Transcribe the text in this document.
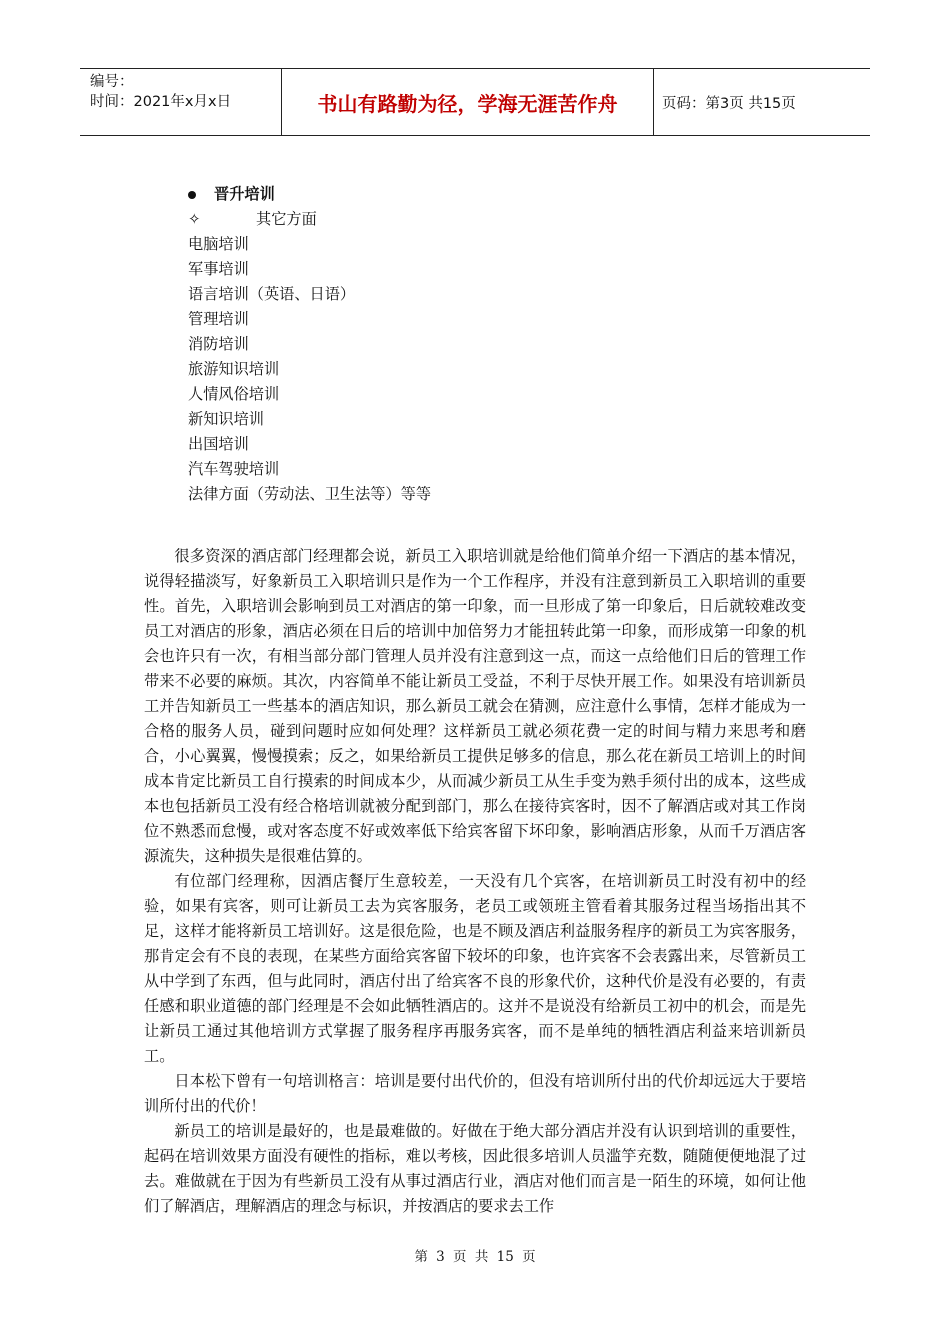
编号：
时间：2021年x月x日	书山有路勤为径，学海无涯苦作舟	页码：第3页 共15页
晋升培训
✧	其它方面
电脑培训
军事培训
语言培训（英语、日语）
管理培训
消防培训
旅游知识培训
人情风俗培训
新知识培训
出国培训
汽车驾驶培训
法律方面（劳动法、卫生法等）等等

很多资深的酒店部门经理都会说，新员工入职培训就是给他们简单介绍一下酒店的基本情况，说得轻描淡写，好象新员工入职培训只是作为一个工作程序，并没有注意到新员工入职培训的重要性。首先，入职培训会影响到员工对酒店的第一印象，而一旦形成了第一印象后，日后就较难改变员工对酒店的形象，酒店必须在日后的培训中加倍努力才能扭转此第一印象，而形成第一印象的机会也许只有一次，有相当部分部门管理人员并没有注意到这一点，而这一点给他们日后的管理工作带来不必要的麻烦。其次，内容简单不能让新员工受益，不利于尽快开展工作。如果没有培训新员工并告知新员工一些基本的酒店知识，那么新员工就会在猜测，应注意什么事情，怎样才能成为一合格的服务人员，碰到问题时应如何处理？这样新员工就必须花费一定的时间与精力来思考和磨合，小心翼翼，慢慢摸索；反之，如果给新员工提供足够多的信息，那么花在新员工培训上的时间成本肯定比新员工自行摸索的时间成本少，从而减少新员工从生手变为熟手须付出的成本，这些成本也包括新员工没有经合格培训就被分配到部门，那么在接待宾客时，因不了解酒店或对其工作岗位不熟悉而怠慢，或对客态度不好或效率低下给宾客留下坏印象，影响酒店形象，从而千万酒店客源流失，这种损失是很难估算的。

有位部门经理称，因酒店餐厅生意较差，一天没有几个宾客，在培训新员工时没有初中的经验，如果有宾客，则可让新员工去为宾客服务，老员工或领班主管看着其服务过程当场指出其不足，这样才能将新员工培训好。这是很危险，也是不顾及酒店利益服务程序的新员工为宾客服务，那肯定会有不良的表现，在某些方面给宾客留下较坏的印象，也许宾客不会表露出来，尽管新员工从中学到了东西，但与此同时，酒店付出了给宾客不良的形象代价，这种代价是没有必要的，有责任感和职业道德的部门经理是不会如此牺牲酒店的。这并不是说没有给新员工初中的机会，而是先让新员工通过其他培训方式掌握了服务程序再服务宾客，而不是单纯的牺牲酒店利益来培训新员工。

日本松下曾有一句培训格言：培训是要付出代价的，但没有培训所付出的代价却远远大于要培训所付出的代价！

新员工的培训是最好的，也是最难做的。好做在于绝大部分酒店并没有认识到培训的重要性，起码在培训效果方面没有硬性的指标，难以考核，因此很多培训人员滥竽充数，随随便便地混了过去。难做就在于因为有些新员工没有从事过酒店行业，酒店对他们而言是一陌生的环境，如何让他们了解酒店，理解酒店的理念与标识，并按酒店的要求去工作

第 3 页 共 15 页
